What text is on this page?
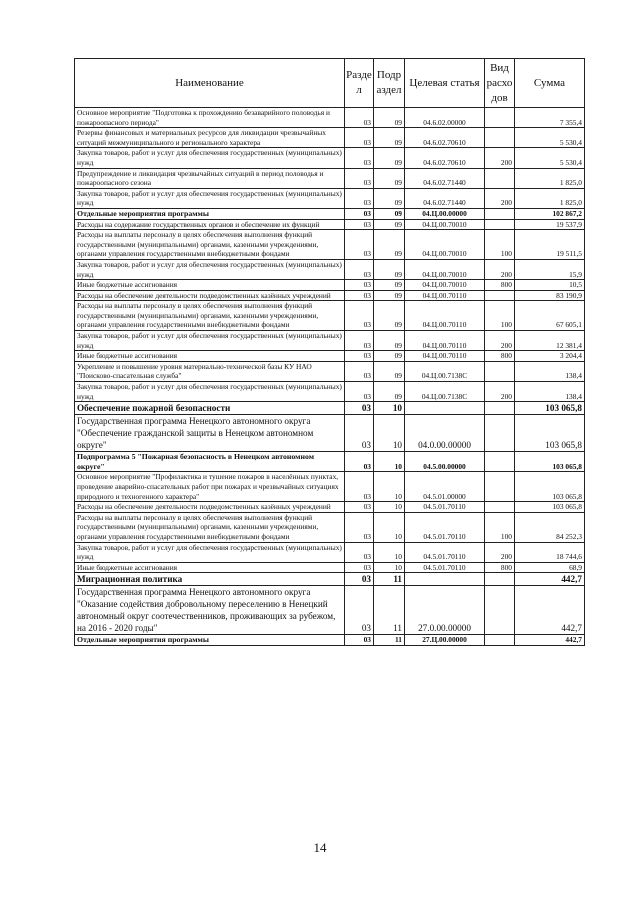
Наименование	Разде л	Подр аздел	Целевая статья	Вид расхо дов	Сумма
Основное мероприятие "Подготовка к прохождению безаварийного половодья и пожароопасного периода"	03	09	04.6.02.00000		7 355,4
Резервы финансовых и материальных ресурсов для ликвидации чрезвычайных ситуаций межмуниципального и регионального характера	03	09	04.6.02.70610		5 530,4
Закупка товаров, работ и услуг для обеспечения государственных (муниципальных) нужд	03	09	04.6.02.70610	200	5 530,4
Предупреждение и ликвидация чрезвычайных ситуаций в период половодья и пожароопасного сезона	03	09	04.6.02.71440		1 825,0
Закупка товаров, работ и услуг для обеспечения государственных (муниципальных) нужд	03	09	04.6.02.71440	200	1 825,0
Отдельные мероприятия программы	03	09	04.Ц.00.00000		102 867,2
Расходы на содержание государственных органов и обеспечение их функций	03	09	04.Ц.00.70010		19 537,9
Расходы на выплаты персоналу в целях обеспечения выполнения функций государственными (муниципальными) органами, казенными учреждениями, органами управления государственными внебюджетными фондами	03	09	04.Ц.00.70010	100	19 511,5
Закупка товаров, работ и услуг для обеспечения государственных (муниципальных) нужд	03	09	04.Ц.00.70010	200	15,9
Иные бюджетные ассигнования	03	09	04.Ц.00.70010	800	10,5
Расходы на обеспечение деятельности подведомственных казённых учреждений	03	09	04.Ц.00.70110		83 190,9
Расходы на выплаты персоналу в целях обеспечения выполнения функций государственными (муниципальными) органами, казенными учреждениями, органами управления государственными внебюджетными фондами	03	09	04.Ц.00.70110	100	67 605,1
Закупка товаров, работ и услуг для обеспечения государственных (муниципальных) нужд	03	09	04.Ц.00.70110	200	12 381,4
Иные бюджетные ассигнования	03	09	04.Ц.00.70110	800	3 204,4
Укрепление и повышение уровня материально-технической базы КУ НАО "Поисково-спасательная служба"	03	09	04.Ц.00.7138С		138,4
Закупка товаров, работ и услуг для обеспечения государственных (муниципальных) нужд	03	09	04.Ц.00.7138С	200	138,4
Обеспечение пожарной безопасности	03	10			103 065,8
Государственная программа Ненецкого автономного округа "Обеспечение гражданской защиты в Ненецком автономном округе"	03	10	04.0.00.00000		103 065,8
Подпрограмма 5 "Пожарная безопасность в Ненецком автономном округе"	03	10	04.5.00.00000		103 065,8
Основное мероприятие "Профилактика и тушение пожаров в населённых пунктах, проведение аварийно-спасательных работ при пожарах и чрезвычайных ситуациях природного и техногенного характера"	03	10	04.5.01.00000		103 065,8
Расходы на обеспечение деятельности подведомственных казённых учреждений	03	10	04.5.01.70110		103 065,8
Расходы на выплаты персоналу в целях обеспечения выполнения функций государственными (муниципальными) органами, казенными учреждениями, органами управления государственными внебюджетными фондами	03	10	04.5.01.70110	100	84 252,3
Закупка товаров, работ и услуг для обеспечения государственных (муниципальных) нужд	03	10	04.5.01.70110	200	18 744,6
Иные бюджетные ассигнования	03	10	04.5.01.70110	800	68,9
Миграционная политика	03	11			442,7
Государственная программа Ненецкого автономного округа "Оказание содействия добровольному переселению в Ненецкий автономный округ соотечественников, проживающих за рубежом, на 2016 - 2020 годы"	03	11	27.0.00.00000		442,7
Отдельные мероприятия программы	03	11	27.Ц.00.00000		442,7
14
